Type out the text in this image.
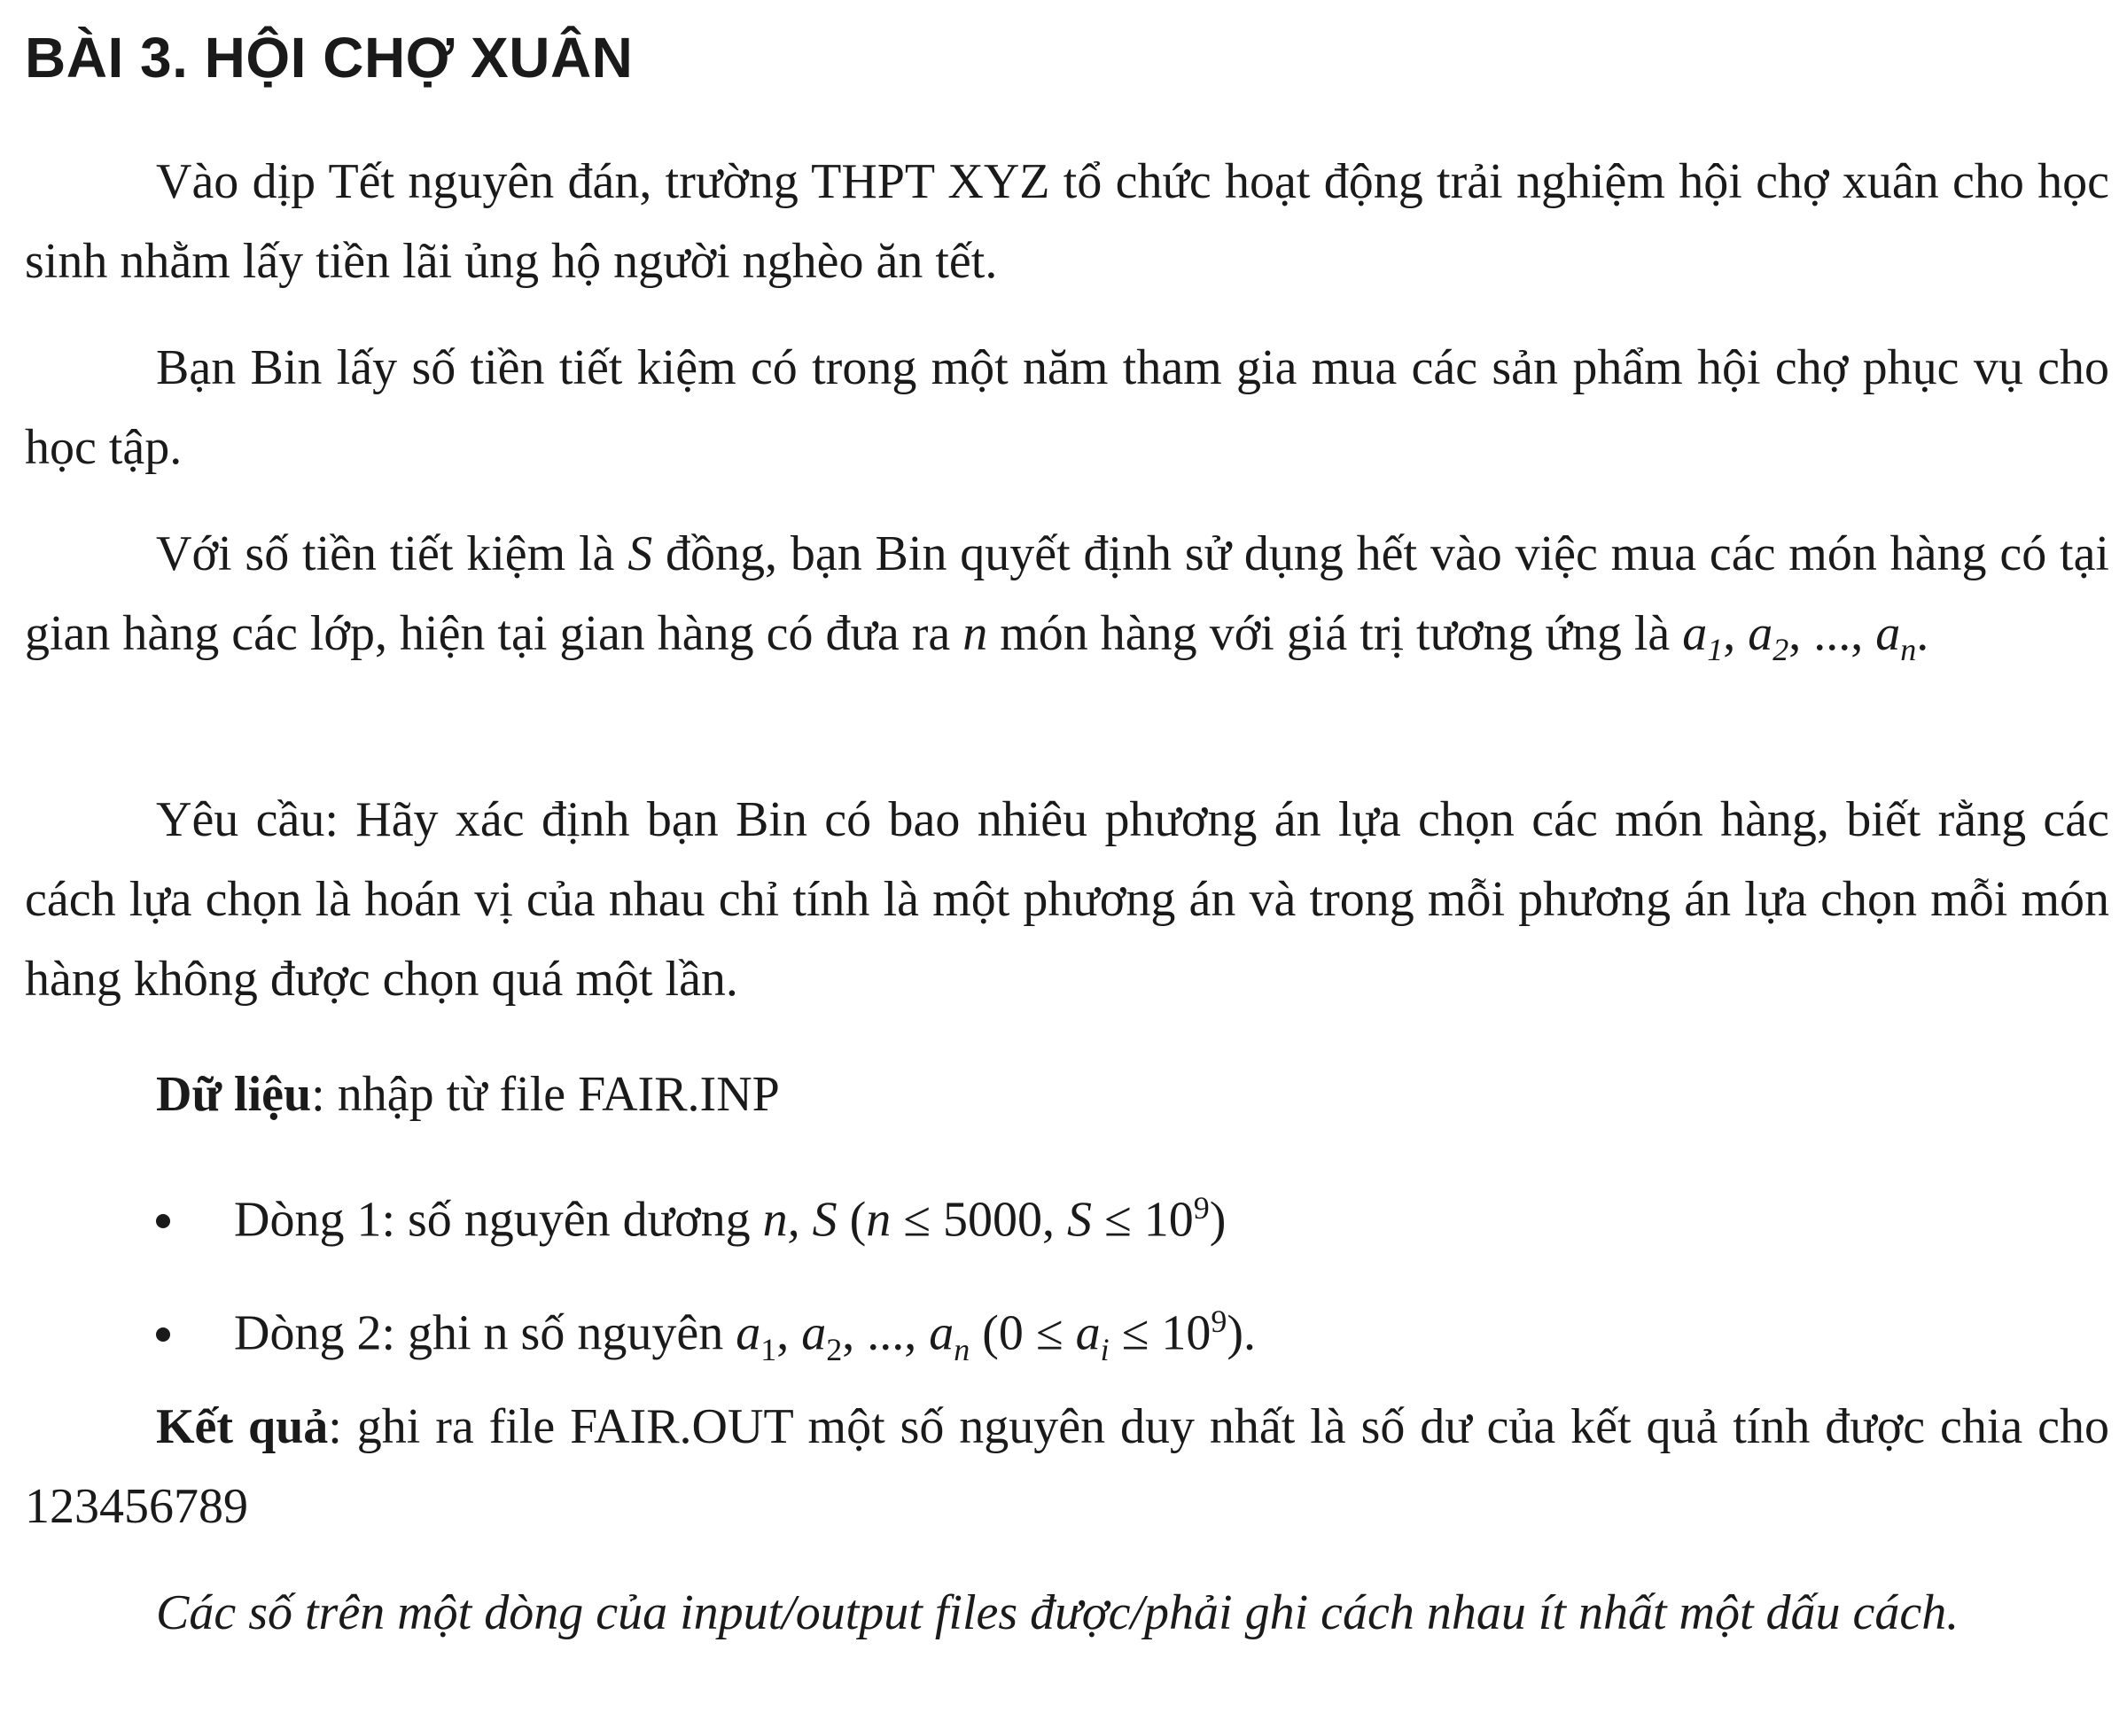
BÀI 3. HỘI CHỢ XUÂN

Vào dịp Tết nguyên đán, trường THPT XYZ tổ chức hoạt động trải nghiệm hội chợ xuân cho học sinh nhằm lấy tiền lãi ủng hộ người nghèo ăn tết.

Bạn Bin lấy số tiền tiết kiệm có trong một năm tham gia mua các sản phẩm hội chợ phục vụ cho học tập.

Với số tiền tiết kiệm là S đồng, bạn Bin quyết định sử dụng hết vào việc mua các món hàng có tại gian hàng các lớp, hiện tại gian hàng có đưa ra n món hàng với giá trị tương ứng là $a_1$, $a_2$, ..., $a_n$.

Yêu cầu: Hãy xác định bạn Bin có bao nhiêu phương án lựa chọn các món hàng, biết rằng các cách lựa chọn là hoán vị của nhau chỉ tính là một phương án và trong mỗi phương án lựa chọn mỗi món hàng không được chọn quá một lần.

Dữ liệu: nhập từ file FAIR.INP

Dòng 1: số nguyên dương n, S (n ≤ 5000, $S \le 10^9$)
Dòng 2: ghi n số nguyên $a_1$, $a_2$, ..., $a_n$ $(0 \le a_i \le 10^9)$.

Kết quả: ghi ra file FAIR.OUT một số nguyên duy nhất là số dư của kết quả tính được chia cho 123456789

Các số trên một dòng của input/output files được/phải ghi cách nhau ít nhất một dấu cách.
